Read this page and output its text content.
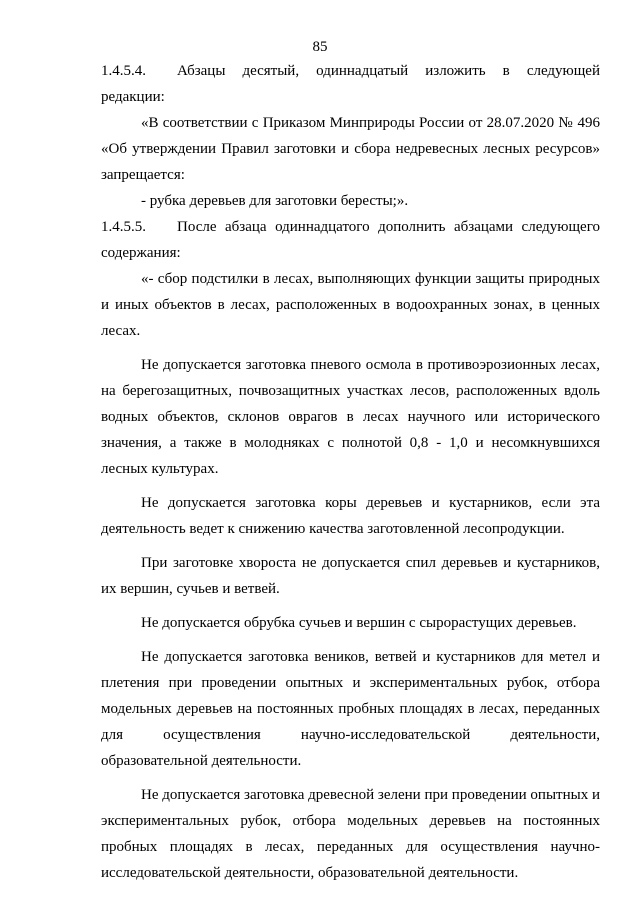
85

1.4.5.4. Абзацы десятый, одиннадцатый изложить в следующей редакции:

«В соответствии с Приказом Минприроды России от 28.07.2020 № 496 «Об утверждении Правил заготовки и сбора недревесных лесных ресурсов» запрещается:

- рубка деревьев для заготовки бересты;».

1.4.5.5. После абзаца одиннадцатого дополнить абзацами следующего содержания:

«- сбор подстилки в лесах, выполняющих функции защиты природных и иных объектов в лесах, расположенных в водоохранных зонах, в ценных лесах.

Не допускается заготовка пневого осмола в противоэрозионных лесах, на берегозащитных, почвозащитных участках лесов, расположенных вдоль водных объектов, склонов оврагов в лесах научного или исторического значения, а также в молодняках с полнотой 0,8 - 1,0 и несомкнувшихся лесных культурах.

Не допускается заготовка коры деревьев и кустарников, если эта деятельность ведет к снижению качества заготовленной лесопродукции.

При заготовке хвороста не допускается спил деревьев и кустарников, их вершин, сучьев и ветвей.

Не допускается обрубка сучьев и вершин с сырорастущих деревьев.

Не допускается заготовка веников, ветвей и кустарников для метел и плетения при проведении опытных и экспериментальных рубок, отбора модельных деревьев на постоянных пробных площадях в лесах, переданных для осуществления научно-исследовательской деятельности, образовательной деятельности.

Не допускается заготовка древесной зелени при проведении опытных и экспериментальных рубок, отбора модельных деревьев на постоянных пробных площадях в лесах, переданных для осуществления научно-исследовательской деятельности, образовательной деятельности.
